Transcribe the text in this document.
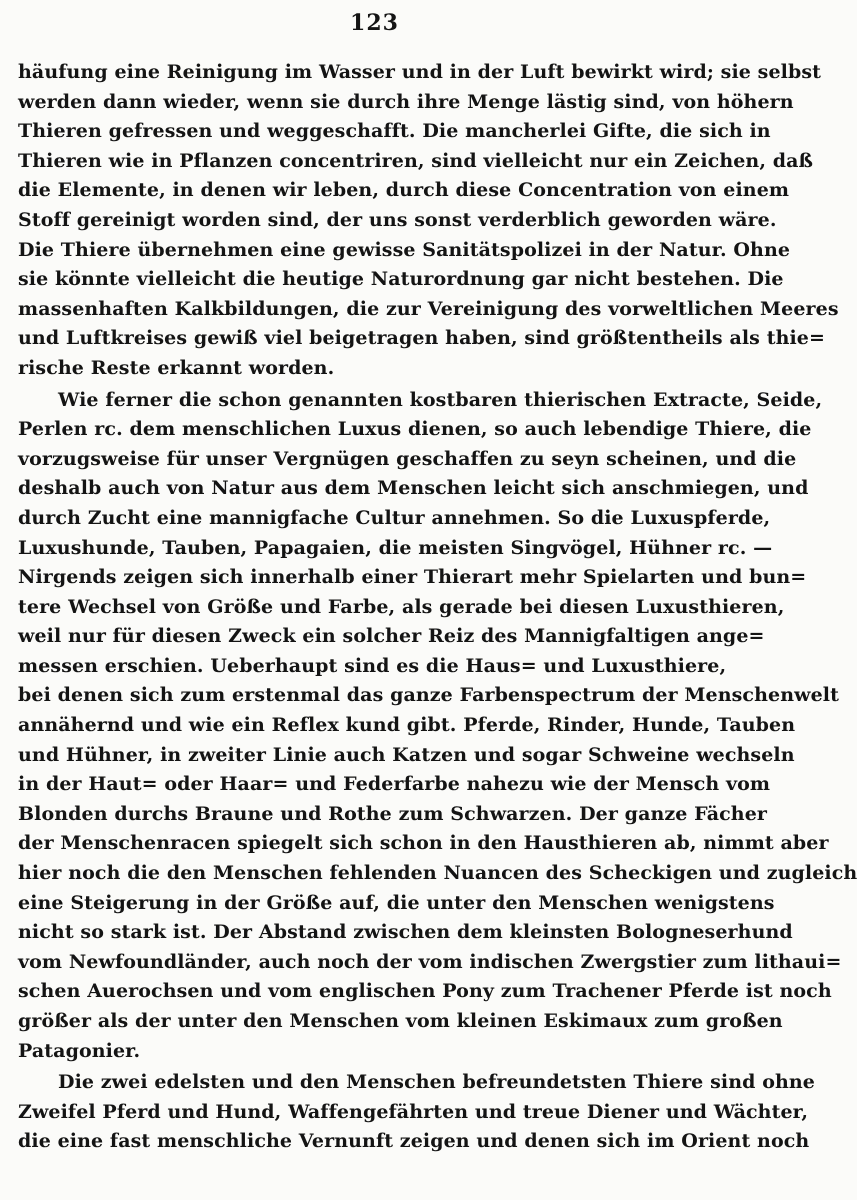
123
häufung eine Reinigung im Wasser und in der Luft bewirkt wird; sie selbst
werden dann wieder, wenn sie durch ihre Menge lästig sind, von höhern
Thieren gefressen und weggeschafft. Die mancherlei Gifte, die sich in
Thieren wie in Pflanzen concentriren, sind vielleicht nur ein Zeichen, daß
die Elemente, in denen wir leben, durch diese Concentration von einem
Stoff gereinigt worden sind, der uns sonst verderblich geworden wäre.
Die Thiere übernehmen eine gewisse Sanitätspolizei in der Natur. Ohne
sie könnte vielleicht die heutige Naturordnung gar nicht bestehen. Die
massenhaften Kalkbildungen, die zur Vereinigung des vorweltlichen Meeres
und Luftkreises gewiß viel beigetragen haben, sind größtentheils als thie=
rische Reste erkannt worden.
Wie ferner die schon genannten kostbaren thierischen Extracte, Seide,
Perlen rc. dem menschlichen Luxus dienen, so auch lebendige Thiere, die
vorzugsweise für unser Vergnügen geschaffen zu seyn scheinen, und die
deshalb auch von Natur aus dem Menschen leicht sich anschmiegen, und
durch Zucht eine mannigfache Cultur annehmen. So die Luxuspferde,
Luxushunde, Tauben, Papagaien, die meisten Singvögel, Hühner rc. —
Nirgends zeigen sich innerhalb einer Thierart mehr Spielarten und bun=
tere Wechsel von Größe und Farbe, als gerade bei diesen Luxusthieren,
weil nur für diesen Zweck ein solcher Reiz des Mannigfaltigen ange=
messen erschien. Ueberhaupt sind es die Haus= und Luxusthiere,
bei denen sich zum erstenmal das ganze Farbenspectrum der Menschenwelt
annähernd und wie ein Reflex kund gibt. Pferde, Rinder, Hunde, Tauben
und Hühner, in zweiter Linie auch Katzen und sogar Schweine wechseln
in der Haut= oder Haar= und Federfarbe nahezu wie der Mensch vom
Blonden durchs Braune und Rothe zum Schwarzen. Der ganze Fächer
der Menschenracen spiegelt sich schon in den Hausthieren ab, nimmt aber
hier noch die den Menschen fehlenden Nuancen des Scheckigen und zugleich
eine Steigerung in der Größe auf, die unter den Menschen wenigstens
nicht so stark ist. Der Abstand zwischen dem kleinsten Bologneserhund
vom Newfoundländer, auch noch der vom indischen Zwergstier zum lithaui=
schen Auerochsen und vom englischen Pony zum Trachener Pferde ist noch
größer als der unter den Menschen vom kleinen Eskimaux zum großen
Patagonier.
Die zwei edelsten und den Menschen befreundetsten Thiere sind ohne
Zweifel Pferd und Hund, Waffengefährten und treue Diener und Wächter,
die eine fast menschliche Vernunft zeigen und denen sich im Orient noch
